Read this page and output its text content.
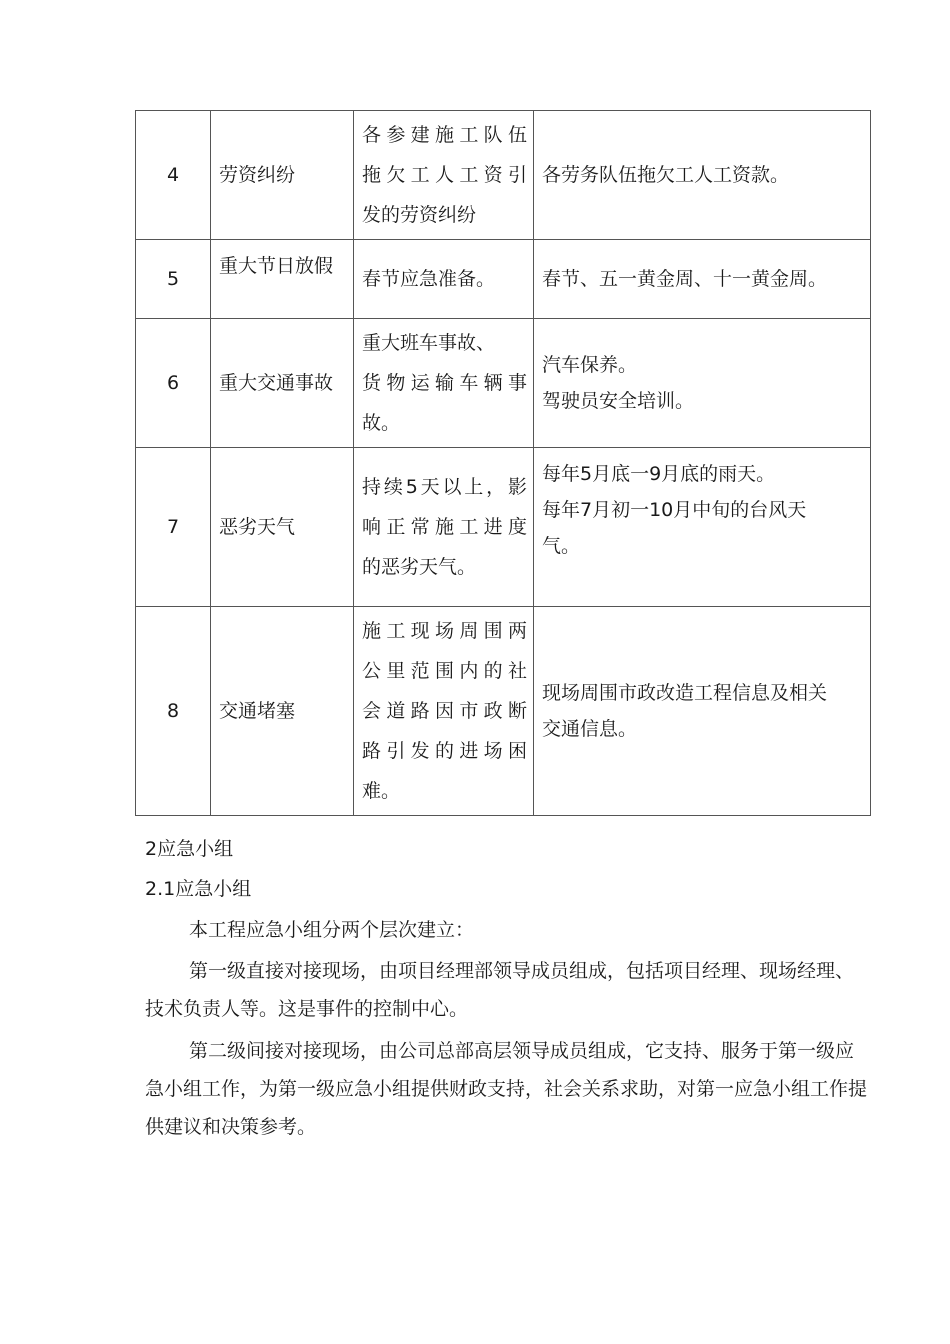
4	劳资纠纷	各参建施工队伍
拖欠工人工资引
发的劳资纠纷	各劳务队伍拖欠工人工资款。

5	重大节日放假	春节应急准备。	春节、五一黄金周、十一黄金周。

6	重大交通事故	重大班车事故、
货物运输车辆事
故。	汽车保养。
驾驶员安全培训。

7	恶劣天气	持续5天以上，影
响正常施工进度
的恶劣天气。	每年5月底一9月底的雨天。
每年7月初一10月中旬的台风天
气。

8	交通堵塞	施工现场周围两
公里范围内的社
会道路因市政断
路引发的进场困
难。	现场周围市政改造工程信息及相关
交通信息。
2应急小组
2.1应急小组
本工程应急小组分两个层次建立：
第一级直接对接现场，由项目经理部领导成员组成，包括项目经理、现场经理、技术负责人等。这是事件的控制中心。
第二级间接对接现场，由公司总部高层领导成员组成，它支持、服务于第一级应急小组工作，为第一级应急小组提供财政支持，社会关系求助，对第一应急小组工作提供建议和决策参考。
